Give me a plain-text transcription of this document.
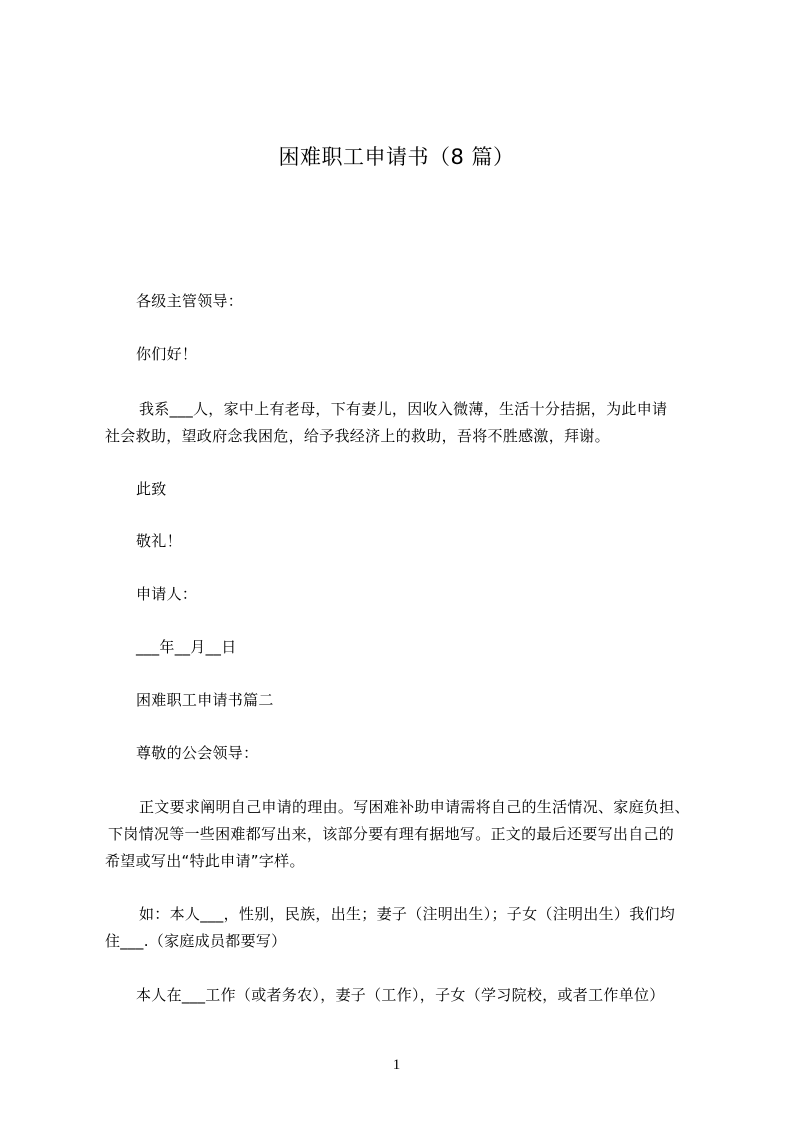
困难职工申请书（8 篇）
各级主管领导：
你们好！
我系___人，家中上有老母，下有妻儿，因收入微薄，生活十分拮据，为此申请
社会救助，望政府念我困危，给予我经济上的救助，吾将不胜感激，拜谢。
此致
敬礼！
申请人：
___年__月__日
困难职工申请书篇二
尊敬的公会领导：
正文要求阐明自己申请的理由。写困难补助申请需将自己的生活情况、家庭负担、
下岗情况等一些困难都写出来，该部分要有理有据地写。正文的最后还要写出自己的
希望或写出“特此申请”字样。
如：本人___，性别，民族，出生；妻子（注明出生）；子女（注明出生）我们均
住___.（家庭成员都要写）
本人在___工作（或者务农），妻子（工作），子女（学习院校，或者工作单位）
1
